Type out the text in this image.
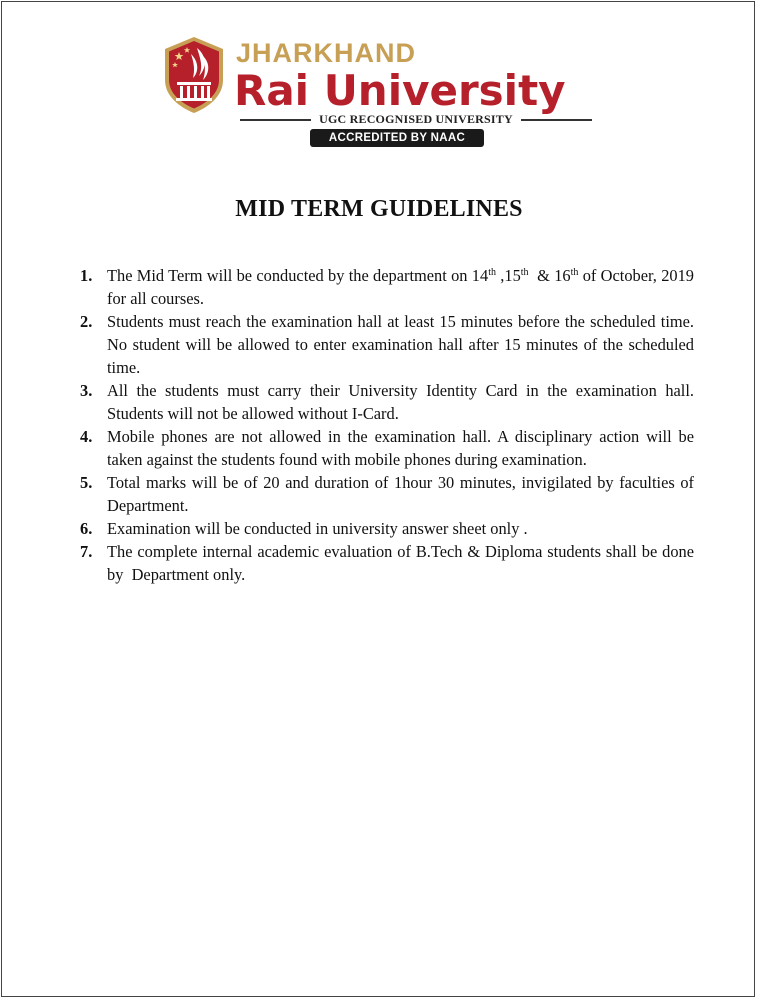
JHARKHAND
Rai University
UGC RECOGNISED UNIVERSITY
ACCREDITED BY NAAC
MID TERM GUIDELINES
1. The Mid Term will be conducted by the department on 14th ,15th  & 16th of October, 2019 for all courses.
2. Students must reach the examination hall at least 15 minutes before the scheduled time. No student will be allowed to enter examination hall after 15 minutes of the scheduled time.
3. All the students must carry their University Identity Card in the examination hall. Students will not be allowed without I-Card.
4. Mobile phones are not allowed in the examination hall. A disciplinary action will be taken against the students found with mobile phones during examination.
5. Total marks will be of 20 and duration of 1hour 30 minutes, invigilated by faculties of Department.
6. Examination will be conducted in university answer sheet only .
7. The complete internal academic evaluation of B.Tech & Diploma students shall be done by  Department only.
